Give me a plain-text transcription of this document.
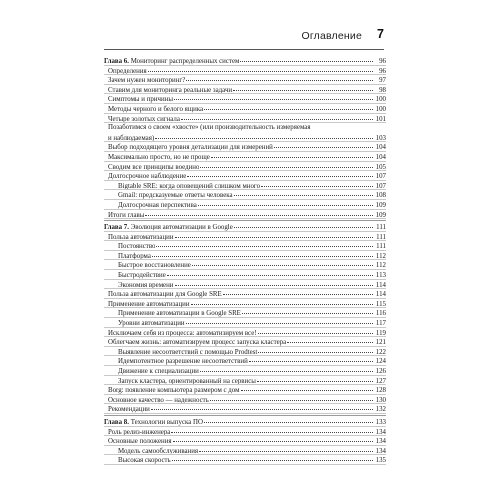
Оглавление 7
Глава 6. Мониторинг распределенных систем	96
Определения	96
Зачем нужен мониторинг?	97
Ставим для мониторинга реальные задачи	98
Симптомы и причины	100
Методы черного и белого ящика	100
Четыре золотых сигнала	101
Позаботимся о своем «хвосте» (или производительность измеряемая
и наблюдаемая)	103
Выбор подходящего уровня детализации для измерений	104
Максимально просто, но не проще	104
Сводим все принципы воедино	105
Долгосрочное наблюдение	107
Bigtable SRE: когда оповещений слишком много	107
Gmail: предсказуемые ответы человека	108
Долгосрочная перспектива	109
Итоги главы	109
Глава 7. Эволюция автоматизации в Google	111
Польза автоматизации	111
Постоянство	111
Платформа	112
Быстрое восстановление	112
Быстродействие	113
Экономия времени	114
Польза автоматизации для Google SRE	114
Применение автоматизации	115
Применение автоматизации в Google SRE	116
Уровни автоматизации	117
Исключаем себя из процесса: автоматизируем все!	119
Облегчаем жизнь: автоматизируем процесс запуска кластера	121
Выявление несоответствий с помощью Prodtest	122
Идемпотентное разрешение несоответствий	124
Движение к специализации	126
Запуск кластера, ориентированный на сервисы	127
Borg: появление компьютера размером с дом	128
Основное качество — надежность	130
Рекомендации	132
Глава 8. Технологии выпуска ПО	133
Роль релиз-инженера	134
Основные положения	134
Модель самообслуживания	134
Высокая скорость	135
